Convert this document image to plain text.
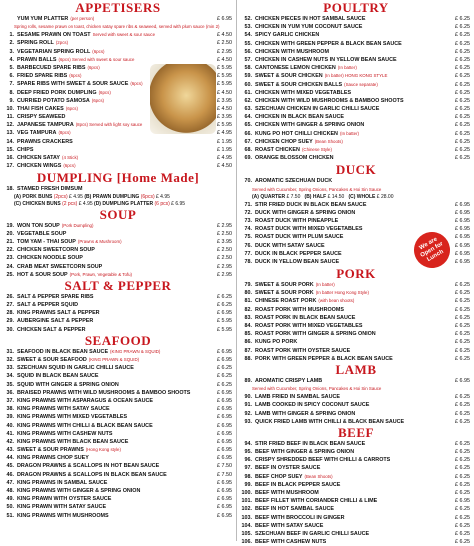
APPETISERS
YUM YUM PLATTER (per person)	£ 6.95
Spring rolls, sesame prawn on toast, chicken satay spare ribs & seaweed, served with plum sauce (min 2)
1. SESAME PRAWN ON TOAST Served with sweet & sour sauce	£ 4.50
2. SPRING ROLL (2pcs)	£ 2.50
3. VEGETARIAN SPRING ROLL (6pcs)	£ 2.95
4. PRAWN BALLS (6pcs) Served with sweet & sour sauce	£ 4.50
5. BARBECUED SPARE RIBS (6pcs)	£ 5.95
6. FRIED SPARE RIBS (6pcs)	£ 5.95
7. SPARE RIBS WITH SWEET & SOUR SAUCE (6pcs)	£ 5.95
8. DEEP FRIED PORK DUMPLING (6pcs)	£ 4.50
9. CURRIED POTATO SAMOSA (6pcs)	£ 3.95
10. THAI FISH CAKES (6pcs)	£ 4.50
11. CRISPY SEAWEED	£ 3.95
12. JAPANESE TAMPURA (8pcs) Served with light soy sauce	£ 5.95
13. VEG TAMPURA (8pcs)	£ 4.95
14. PRAWNS CRACKERS	£ 1.95
15. CHIPS	£ 1.95
16. CHICKEN SATAY (4 Stick)	£ 4.95
17. CHICKEN WINGS (6pcs)	£ 4.50
DUMPLING [Home Made]
18. STAMED FRESH DIMSUM
(A) PORK BUNS (2pcs) £ 4.95 (B) PRAWN DUMPLING (6pcs) £ 4.95
(C) CHICKEN BUNS (2 pcs) £ 4.95 (D) DUMPLING PLATTER (6 pcs) £ 6.95
SOUP
19. WON TON SOUP (Pork Dumpling)	£ 2.95
20. VEGETABLE SOUP	£ 2.50
21. TOM YAM - THAI SOUP (Prawns & Mushroom)	£ 3.95
22. CHICKEN SWEETCORN SOUP	£ 2.50
23. CHICKEN NOODLE SOUP	£ 2.50
24. CRAB MEAT SWEETCORN SOUP	£ 2.95
25. HOT & SOUR SOUP (Pork, Prawn, Vegetable & Tofu)	£ 2.95
SALT & PEPPER
26. SALT & PEPPER SPARE RIBS	£ 6.25
27. SALT & PEPPER SQUID	£ 6.25
28. KING PRAWNS SALT & PEPPER	£ 6.95
29. AUBERGINE SALT & PEPPER	£ 5.95
30. CHICKEN SALT & PEPPER	£ 5.95
SEAFOOD
31. SEAFOOD IN BLACK BEAN SAUCE (KING PRAWN & SQUID)	£ 6.95
32. SWEET & SOUR SEAFOOD (KING PRAWN & SQUID)	£ 6.95
33. SZECHUAN SQUID IN GARLIC CHILLI SAUCE	£ 6.25
34. SQUID IN BLACK BEAN SAUCE	£ 6.25
35. SQUID WITH GINGER & SPRING ONION	£ 6.25
36. BRAISED PRAWNS WITH WILD MUSHROOMS & BAMBOO SHOOTS	£ 6.95
37. KING PRAWNS WITH ASPARAGUS & OCEAN SAUCE	£ 6.95
38. KING PRAWNS WITH SATAY SAUCE	£ 6.95
39. KING PRAWNS WITH MIXED VEGETABLES	£ 6.95
40. KING PRAWNS WITH CHILLI & BLACK BEAN SAUCE	£ 6.95
41. KING PRAWNS WITH CASHEW NUTS	£ 6.95
42. KING PRAWNS WITH BLACK BEAN SAUCE	£ 6.95
43. SWEET & SOUR PRAWNS (Hong Kong style)	£ 6.95
44. KING PRAWNS CHOP SUEY	£ 6.95
45. DRAGON PRAWNS & SCALLOPS IN HOT BEAN SAUCE	£ 7.50
46. DRAGON PRAWNS & SCALLOPS IN BLACK BEAN SAUCE	£ 7.50
47. KING PRAWNS IN SAMBAL SAUCE	£ 6.95
48. KING PRAWNS WITH GINGER & SPRING ONION	£ 6.95
49. KING PRAWN WITH OYSTER SAUCE	£ 6.95
50. KING PRAWN WITH SATAY SAUCE	£ 6.95
51. KING PRAWNS WITH MUSHROOMS	£ 6.95
POULTRY
52. CHICKEN PIECES IN HOT SAMBAL SAUCE	£ 6.25
53. CHICKEN IN YUM YUM COCONUT SAUCE	£ 6.25
54. SPICY GARLIC CHICKEN	£ 6.25
55. CHICKEN WITH GREEN PEPPER & BLACK BEAN SAUCE	£ 6.25
56. CHICKEN WITH MUSHROOM	£ 6.25
57. CHICKEN IN CASHEW NUTS IN YELLOW BEAN SAUCE	£ 6.25
58. CANTONESE LEMON CHICKEN (In batter)	£ 6.25
59. SWEET & SOUR CHICKEN (In batter) HONG KONG STYLE	£ 6.25
60. SWEET & SOUR CHICKEN BALLS (Sauce separate)	£ 6.25
61. CHICKEN WITH MIXED VEGETABLES	£ 6.25
62. CHICKEN WITH WILD MUSHROOMS & BAMBOO SHOOTS	£ 6.25
63. SZECHUAN CHICKEN IN GARLIC CHILLI SAUCE	£ 6.25
64. CHICKEN IN BLACK BEAN SAUCE	£ 6.25
65. CHICKEN WITH GINGER & SPRING ONION	£ 6.25
66. KUNG PO HOT CHILLI CHICKEN (In batter)	£ 6.25
67. CHICKEN CHOP SUEY (Bean Shoots)	£ 6.25
68. ROAST CHICKEN (Chinese Style)	£ 6.25
69. ORANGE BLOSSOM CHICKEN	£ 6.25
DUCK
70. AROMATIC SZECHUAN DUCK
Served with Cucumber, Spring Onions, Pancakes & Hoi Sin Sauce
(A) QUARTER £ 7.50 (B) HALF £ 14.50 (C) WHOLE £ 28.00
71. STIR FRIED DUCK IN BLACK BEAN SAUCE	£ 6.95
72. DUCK WITH GINGER & SPRING ONION	£ 6.95
73. ROAST DUCK WITH PINEAPPLE	£ 6.95
74. ROAST DUCK WITH MIXED VEGETABLES	£ 6.95
75. ROAST DUCK WITH PLUM SAUCE	£ 6.95
76. DUCK WITH SATAY SAUCE	£ 6.95
77. DUCK IN BLACK PEPPER SAUCE	£ 6.95
78. DUCK IN YELLOW BEAN SAUCE	£ 6.95
PORK
79. SWEET & SOUR PORK (In batter)	£ 6.25
80. SWEET & SOUR PORK (In batter Hong Kong Style)	£ 6.25
81. CHINESE ROAST PORK (with bean shoots)	£ 6.25
82. ROAST PORK WITH MUSHROOMS	£ 6.25
83. ROAST PORK IN BLACK BEAN SAUCE	£ 6.25
84. ROAST PORK WITH MIXED VEGETABLES	£ 6.25
85. ROAST PORK WITH GINGER & SPRING ONION	£ 6.25
86. KUNG PO PORK	£ 6.25
87. ROAST PORK WITH OYSTER SAUCE	£ 6.25
88. PORK WITH GREEN PEPPER & BLACK BEAN SAUCE	£ 6.25
LAMB
89. AROMATIC CRISPY LAMB	£ 6.95
Served with Cucumber, Spring Onions, Pancakes & Hoi Sin Sauce
90. LAMB FRIED IN SAMBAL SAUCE	£ 6.25
91. LAMB COOKED IN SPICY COCONUT SAUCE	£ 6.25
92. LAMB WITH GINGER & SPRING ONION	£ 6.25
93. QUICK FRIED LAMB WITH CHILLI & BLACK BEAN SAUCE	£ 6.25
BEEF
94. STIR FRIED BEEF IN BLACK BEAN SAUCE	£ 6.25
95. BEEF WITH GINGER & SPRING ONION	£ 6.25
96. CRISPY SHREDDED BEEF WITH CHILLI & CARROTS	£ 6.25
97. BEEF IN OYSTER SAUCE	£ 6.25
98. BEEF CHOP SUEY (Bean Shoots)	£ 6.25
99. BEEF IN BLACK PEPPER SAUCE	£ 6.25
100. BEEF WITH MUSHROOM	£ 6.25
101. BEEF FILLET WITH CORIANDER CHILLI & LIME	£ 6.95
102. BEEF IN HOT SAMBAL SAUCE	£ 6.25
103. BEEF WITH BROCCOLI IN GINGER	£ 6.25
104. BEEF WITH SATAY SAUCE	£ 6.25
105. SZECHUAN BEEF IN GARLIC CHILLI SAUCE	£ 6.25
106. BEEF WITH CASHEW NUTS	£ 6.25
We are Open for Lunch
